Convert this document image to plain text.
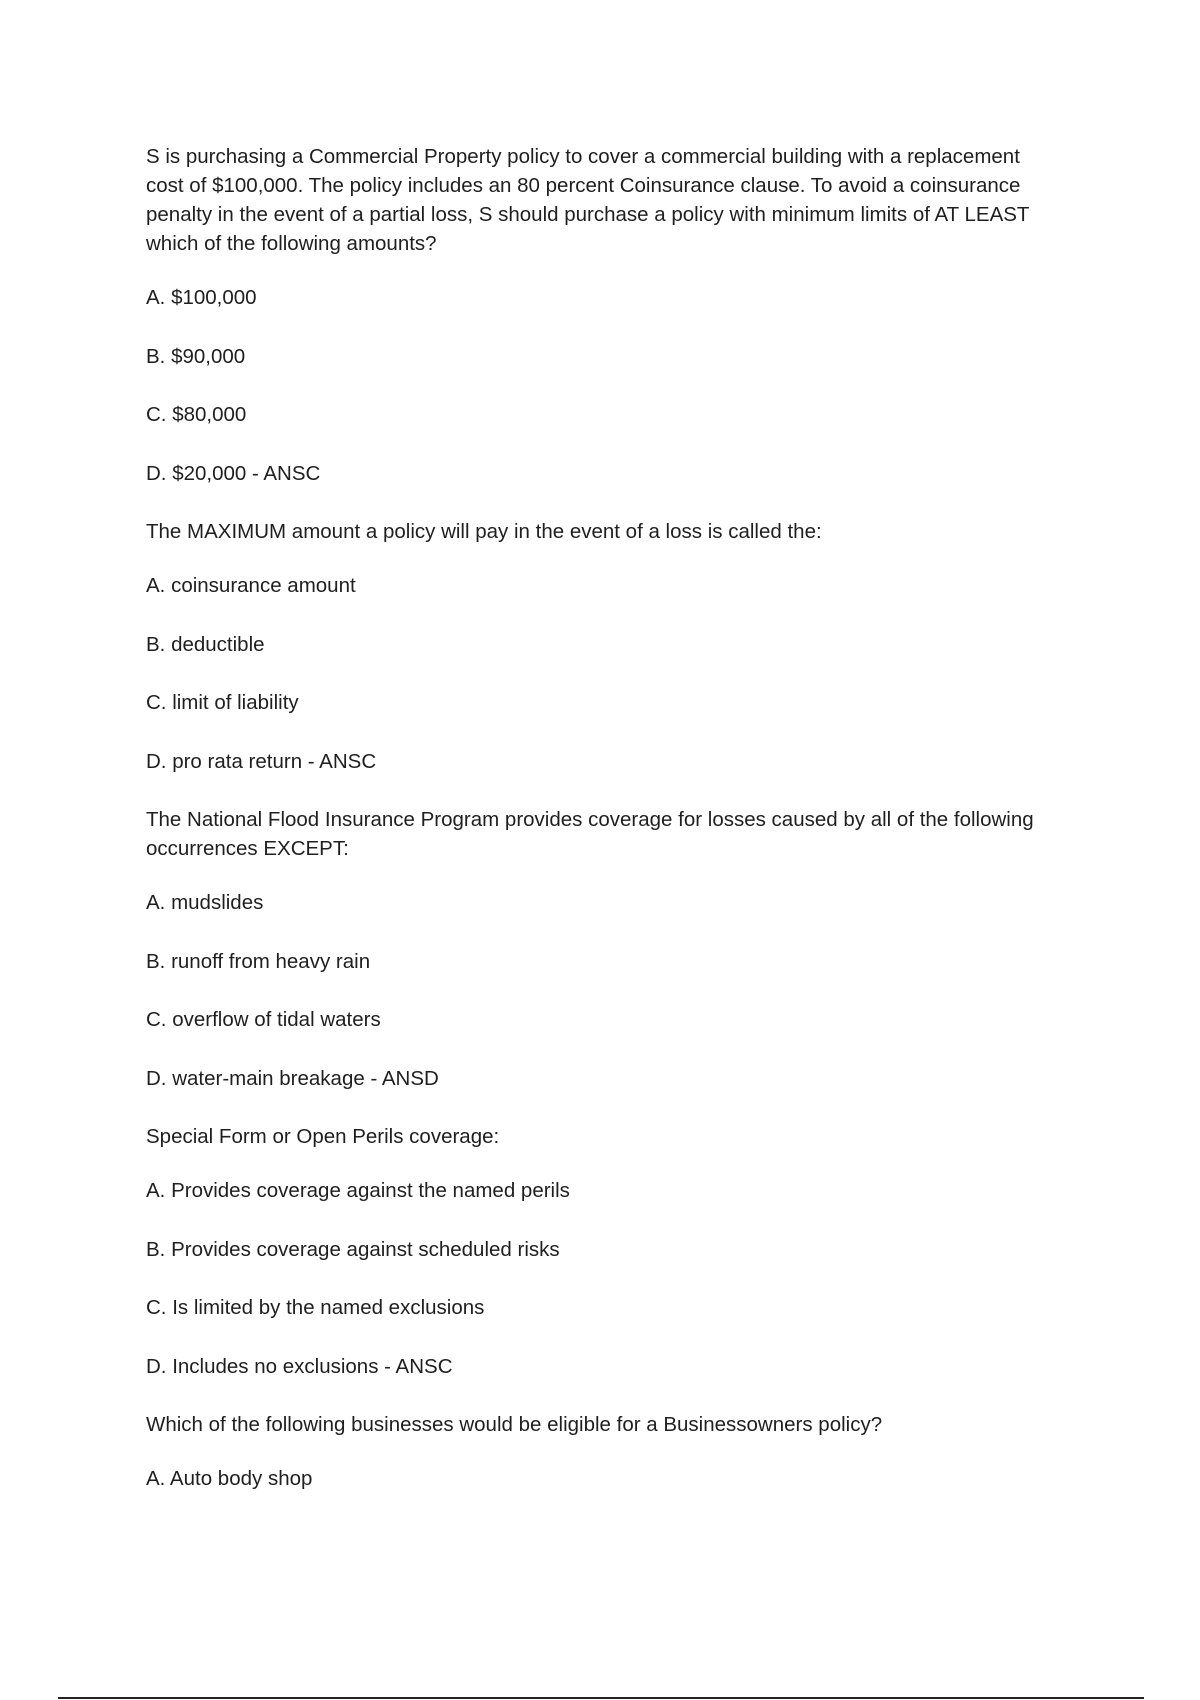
S is purchasing a Commercial Property policy to cover a commercial building with a replacement cost of $100,000. The policy includes an 80 percent Coinsurance clause. To avoid a coinsurance penalty in the event of a partial loss, S should purchase a policy with minimum limits of AT LEAST which of the following amounts?

A. $100,000

B. $90,000

C. $80,000

D. $20,000 - ANSC

The MAXIMUM amount a policy will pay in the event of a loss is called the:

A. coinsurance amount

B. deductible

C. limit of liability

D. pro rata return - ANSC

The National Flood Insurance Program provides coverage for losses caused by all of the following occurrences EXCEPT:

A. mudslides

B. runoff from heavy rain

C. overflow of tidal waters

D. water-main breakage - ANSD

Special Form or Open Perils coverage:

A. Provides coverage against the named perils

B. Provides coverage against scheduled risks

C. Is limited by the named exclusions

D. Includes no exclusions - ANSC

Which of the following businesses would be eligible for a Businessowners policy?

A. Auto body shop
